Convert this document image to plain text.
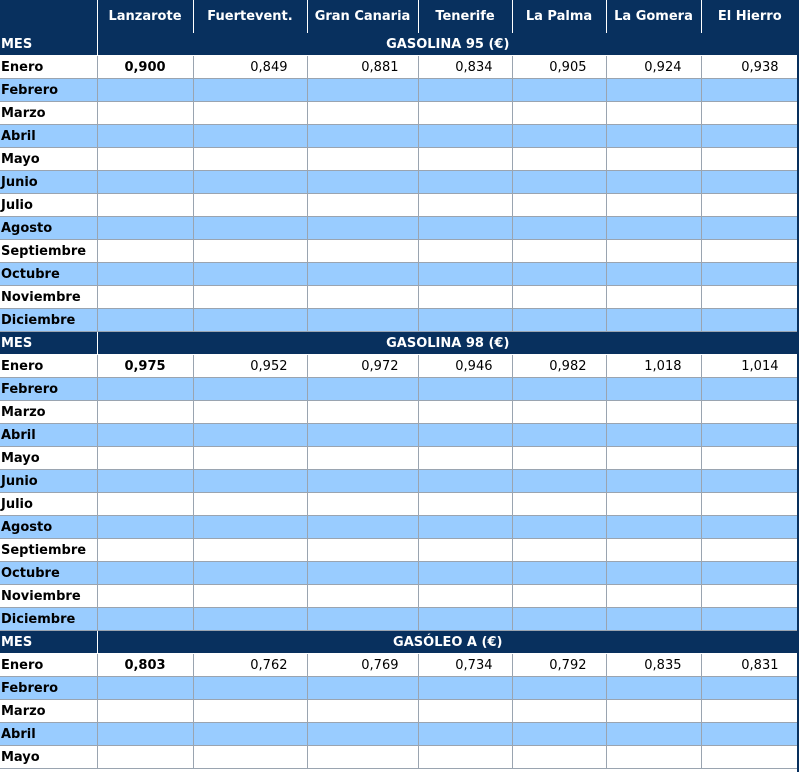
	Lanzarote	Fuertevent.	Gran Canaria	Tenerife	La Palma	La Gomera	El Hierro
MES	GASOLINA 95 (€)						
Enero	0,900	0,849	0,881	0,834	0,905	0,924	0,938
Febrero							
Marzo							
Abril							
Mayo							
Junio							
Julio							
Agosto							
Septiembre							
Octubre							
Noviembre							
Diciembre							
MES	GASOLINA 98 (€)						
Enero	0,975	0,952	0,972	0,946	0,982	1,018	1,014
Febrero							
Marzo							
Abril							
Mayo							
Junio							
Julio							
Agosto							
Septiembre							
Octubre							
Noviembre							
Diciembre							
MES	GASÓLEO A (€)						
Enero	0,803	0,762	0,769	0,734	0,792	0,835	0,831
Febrero							
Marzo							
Abril							
Mayo							
